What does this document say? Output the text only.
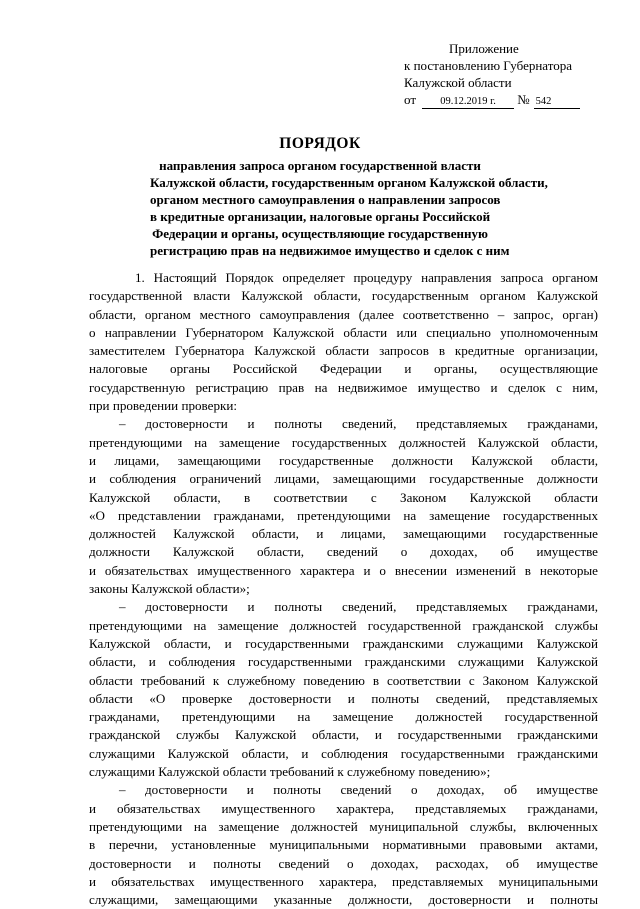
Приложение
к постановлению Губернатора
Калужской области
от 09.12.2019 г. № 542
ПОРЯДОК
направления запроса органом государственной власти
Калужской области, государственным органом Калужской области,
органом местного самоуправления о направлении запросов
в кредитные организации, налоговые органы Российской
Федерации и органы, осуществляющие государственную
регистрацию прав на недвижимое имущество и сделок с ним
1. Настоящий Порядок определяет процедуру направления запроса органом
государственной власти Калужской области, государственным органом Калужской
области, органом местного самоуправления (далее соответственно – запрос, орган)
о направлении Губернатором Калужской области или специально уполномоченным
заместителем Губернатора Калужской области запросов в кредитные организации,
налоговые органы Российской Федерации и органы, осуществляющие
государственную регистрацию прав на недвижимое имущество и сделок с ним,
при проведении проверки:
– достоверности и полноты сведений, представляемых гражданами,
претендующими на замещение государственных должностей Калужской области,
и лицами, замещающими государственные должности Калужской области,
и соблюдения ограничений лицами, замещающими государственные должности
Калужской области, в соответствии с Законом Калужской области
«О представлении гражданами, претендующими на замещение государственных
должностей Калужской области, и лицами, замещающими государственные
должности Калужской области, сведений о доходах, об имуществе
и обязательствах имущественного характера и о внесении изменений в некоторые
законы Калужской области»;
– достоверности и полноты сведений, представляемых гражданами,
претендующими на замещение должностей государственной гражданской службы
Калужской области, и государственными гражданскими служащими Калужской
области, и соблюдения государственными гражданскими служащими Калужской
области требований к служебному поведению в соответствии с Законом Калужской
области «О проверке достоверности и полноты сведений, представляемых
гражданами, претендующими на замещение должностей государственной
гражданской службы Калужской области, и государственными гражданскими
служащими Калужской области, и соблюдения государственными гражданскими
служащими Калужской области требований к служебному поведению»;
– достоверности и полноты сведений о доходах, об имуществе
и обязательствах имущественного характера, представляемых гражданами,
претендующими на замещение должностей муниципальной службы, включенных
в перечни, установленные муниципальными нормативными правовыми актами,
достоверности и полноты сведений о доходах, расходах, об имуществе
и обязательствах имущественного характера, представляемых муниципальными
служащими, замещающими указанные должности, достоверности и полноты
